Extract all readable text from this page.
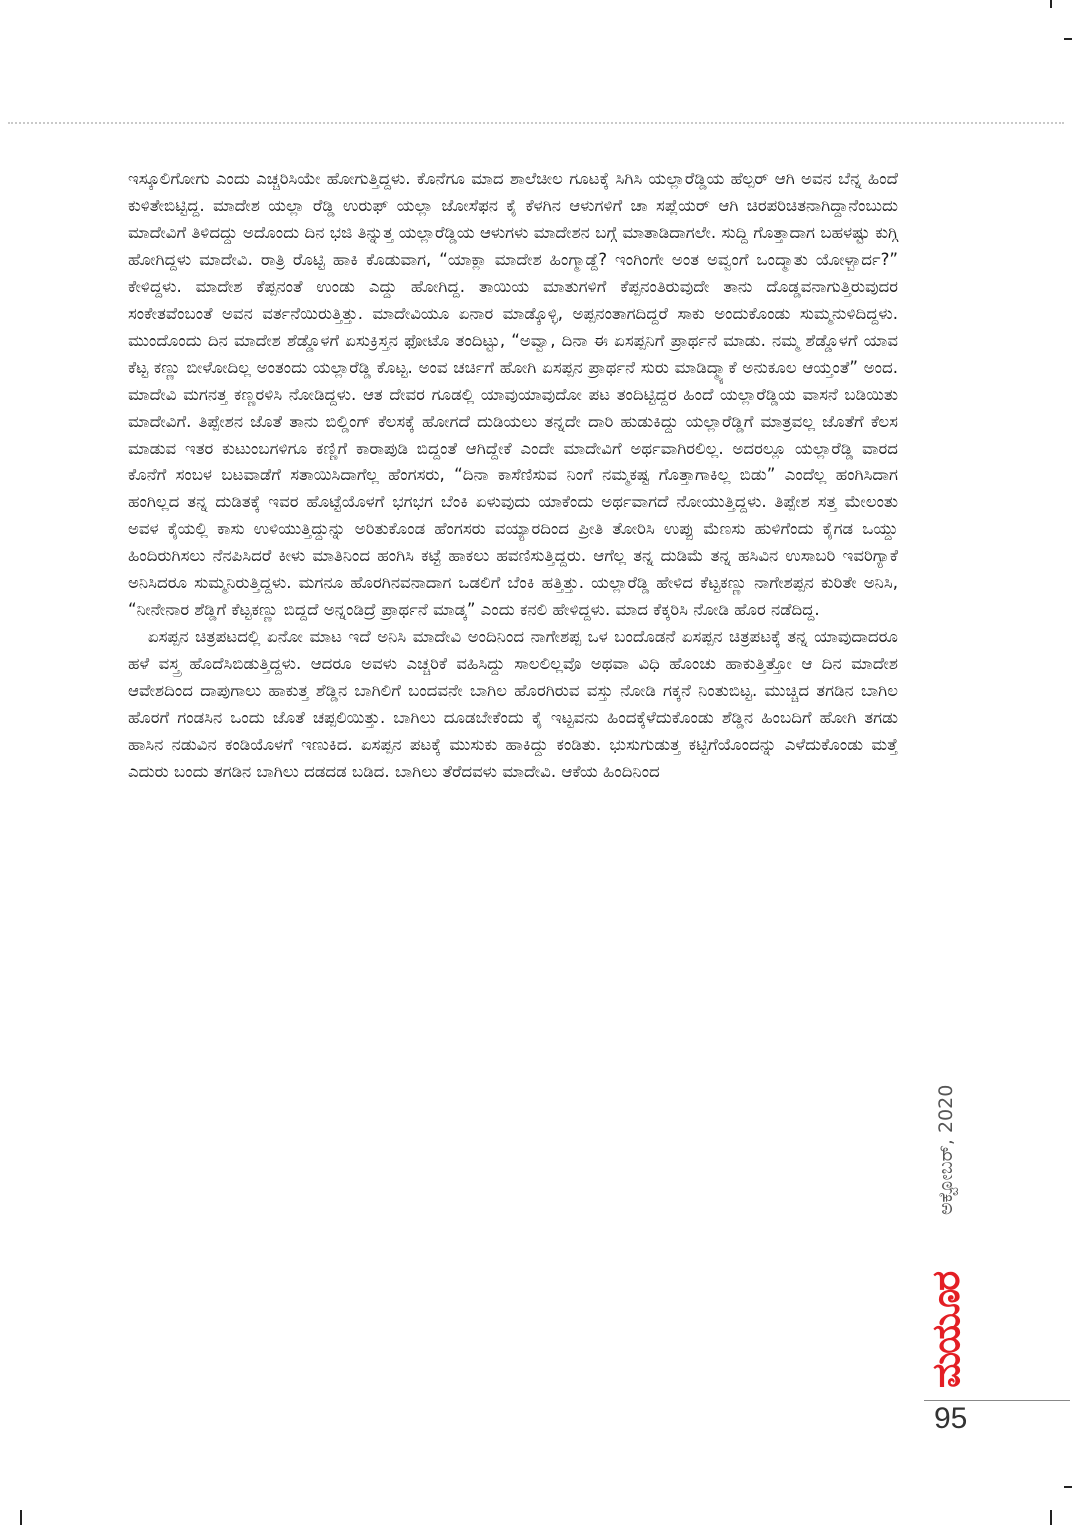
ಇಸ್ಕೂಲಿಗೋಗು ಎಂದು ಎಚ್ಚರಿಸಿಯೇ ಹೋಗುತ್ತಿದ್ದಳು. ಕೊನೆಗೂ ಮಾದ ಶಾಲೆಚೀಲ ಗೂಟಕ್ಕೆ ಸಿಗಿಸಿ ಯಲ್ಲಾರೆಡ್ಡಿಯ ಹೆಲ್ಪರ್ ಆಗಿ ಅವನ ಬೆನ್ನ ಹಿಂದೆ ಕುಳಿತೇಬಿಟ್ಟಿದ್ದ. ಮಾದೇಶ ಯಲ್ಲಾ ರೆಡ್ಡಿ ಉರುಫ್ ಯಲ್ಲಾ ಜೋಸೆಫನ ಕೈ ಕೆಳಗಿನ ಆಳುಗಳಿಗೆ ಚಾ ಸಪ್ಲೆಯರ್ ಆಗಿ ಚಿರಪರಿಚಿತನಾಗಿದ್ದಾನೆಂಬುದು ಮಾದೇವಿಗೆ ತಿಳಿದದ್ದು ಅದೊಂದು ದಿನ ಭಜಿ ತಿನ್ನುತ್ತ ಯಲ್ಲಾರೆಡ್ಡಿಯ ಆಳುಗಳು ಮಾದೇಶನ ಬಗ್ಗೆ ಮಾತಾಡಿದಾಗಲೇ. ಸುದ್ದಿ ಗೊತ್ತಾದಾಗ ಬಹಳಷ್ಟು ಕುಗ್ಗಿ ಹೋಗಿದ್ದಳು ಮಾದೇವಿ. ರಾತ್ರಿ ರೊಟ್ಟಿ ಹಾಕಿ ಕೊಡುವಾಗ, “ಯಾಕ್ಲಾ ಮಾದೇಶ ಹಿಂಗ್ಮಾಡ್ದೆ? ಇಂಗಿಂಗೇ ಅಂತ ಅವ್ವಂಗೆ ಒಂದ್ಮಾತು ಯೋಳ್ಬಾರ್ದ?” ಕೇಳಿದ್ದಳು. ಮಾದೇಶ ಕೆಪ್ಪನಂತೆ ಉಂಡು ಎದ್ದು ಹೋಗಿದ್ದ. ತಾಯಿಯ ಮಾತುಗಳಿಗೆ ಕೆಪ್ಪನಂತಿರುವುದೇ ತಾನು ದೊಡ್ಡವನಾಗುತ್ತಿರುವುದರ ಸಂಕೇತವೆಂಬಂತೆ ಅವನ ವರ್ತನೆಯಿರುತ್ತಿತ್ತು. ಮಾದೇವಿಯೂ ಏನಾರ ಮಾಡ್ಕೊಳ್ಳಿ, ಅಪ್ಪನಂತಾಗದಿದ್ದರೆ ಸಾಕು ಅಂದುಕೊಂಡು ಸುಮ್ಮನುಳಿದಿದ್ದಳು. ಮುಂದೊಂದು ದಿನ ಮಾದೇಶ ಶೆಡ್ಡೊಳಗೆ ಏಸುಕ್ರಿಸ್ತನ ಫೋಟೊ ತಂದಿಟ್ಟು, “ಅವ್ವಾ, ದಿನಾ ಈ ಏಸಪ್ಪನಿಗೆ ಪ್ರಾರ್ಥನೆ ಮಾಡು. ನಮ್ಮ ಶೆಡ್ಡೊಳಗೆ ಯಾವ ಕೆಟ್ಟ ಕಣ್ಣು ಬೀಳೋದಿಲ್ಲ ಅಂತಂದು ಯಲ್ಲಾರೆಡ್ಡಿ ಕೊಟ್ಟ. ಅಂವ ಚರ್ಚಿಗೆ ಹೋಗಿ ಏಸಪ್ಪನ ಪ್ರಾರ್ಥನೆ ಸುರು ಮಾಡಿದ್ಮ್ಯಾಕೆ ಅನುಕೂಲ ಆಯ್ತಂತೆ” ಅಂದ. ಮಾದೇವಿ ಮಗನತ್ತ ಕಣ್ಣರಳಿಸಿ ನೋಡಿದ್ದಳು. ಆತ ದೇವರ ಗೂಡಲ್ಲಿ ಯಾವುಯಾವುದೋ ಪಟ ತಂದಿಟ್ಟಿದ್ದರ ಹಿಂದೆ ಯಲ್ಲಾರೆಡ್ಡಿಯ ವಾಸನೆ ಬಡಿಯಿತು ಮಾದೇವಿಗೆ. ತಿಪ್ಪೇಶನ ಜೊತೆ ತಾನು ಬಿಲ್ಡಿಂಗ್ ಕೆಲಸಕ್ಕೆ ಹೋಗದೆ ದುಡಿಯಲು ತನ್ನದೇ ದಾರಿ ಹುಡುಕಿದ್ದು ಯಲ್ಲಾರೆಡ್ಡಿಗೆ ಮಾತ್ರವಲ್ಲ ಜೊತೆಗೆ ಕೆಲಸ ಮಾಡುವ ಇತರ ಕುಟುಂಬಗಳಿಗೂ ಕಣ್ಣಿಗೆ ಕಾರಾಪುಡಿ ಬಿದ್ದಂತೆ ಆಗಿದ್ದೇಕೆ ಎಂದೇ ಮಾದೇವಿಗೆ ಅರ್ಥವಾಗಿರಲಿಲ್ಲ. ಅದರಲ್ಲೂ ಯಲ್ಲಾರೆಡ್ಡಿ ವಾರದ ಕೊನೆಗೆ ಸಂಬಳ ಬಟವಾಡೆಗೆ ಸತಾಯಿಸಿದಾಗೆಲ್ಲ ಹೆಂಗಸರು, “ದಿನಾ ಕಾಸೆಣಿಸುವ ನಿಂಗೆ ನಮ್ಮಕಷ್ಟ ಗೊತ್ತಾಗಾಕಿಲ್ಲ ಬಿಡು” ಎಂದೆಲ್ಲ ಹಂಗಿಸಿದಾಗ ಹಂಗಿಲ್ಲದ ತನ್ನ ದುಡಿತಕ್ಕೆ ಇವರ ಹೊಟ್ಟೆಯೊಳಗೆ ಭಗಭಗ ಬೆಂಕಿ ಏಳುವುದು ಯಾಕೆಂದು ಅರ್ಥವಾಗದೆ ನೋಯುತ್ತಿದ್ದಳು. ತಿಪ್ಪೇಶ ಸತ್ತ ಮೇಲಂತು ಅವಳ ಕೈಯಲ್ಲಿ ಕಾಸು ಉಳಿಯುತ್ತಿದ್ದುನ್ನು ಅರಿತುಕೊಂಡ ಹೆಂಗಸರು ವಯ್ಯಾರದಿಂದ ಪ್ರೀತಿ ತೋರಿಸಿ ಉಪ್ಪು ಮೆಣಸು ಹುಳಿಗೆಂದು ಕೈಗಡ ಒಯ್ದು ಹಿಂದಿರುಗಿಸಲು ನೆನಪಿಸಿದರೆ ಕೀಳು ಮಾತಿನಿಂದ ಹಂಗಿಸಿ ಕಟ್ಟೆ ಹಾಕಲು ಹವಣಿಸುತ್ತಿದ್ದರು. ಆಗೆಲ್ಲ ತನ್ನ ದುಡಿಮೆ ತನ್ನ ಹಸಿವಿನ ಉಸಾಬರಿ ಇವರಿಗ್ಯಾಕೆ ಅನಿಸಿದರೂ ಸುಮ್ಮನಿರುತ್ತಿದ್ದಳು. ಮಗನೂ ಹೊರಗಿನವನಾದಾಗ ಒಡಲಿಗೆ ಬೆಂಕಿ ಹತ್ತಿತ್ತು. ಯಲ್ಲಾರೆಡ್ಡಿ ಹೇಳಿದ ಕೆಟ್ಟಕಣ್ಣು ನಾಗೇಶಪ್ಪನ ಕುರಿತೇ ಅನಿಸಿ, “ನೀನೇನಾರ ಶೆಡ್ಡಿಗೆ ಕೆಟ್ಟಕಣ್ಣು ಬಿದ್ದದೆ ಅನ್ನಂಡಿದ್ರೆ ಪ್ರಾರ್ಥನೆ ಮಾಡ್ಕ” ಎಂದು ಕನಲಿ ಹೇಳಿದ್ದಳು. ಮಾದ ಕೆಕ್ಕರಿಸಿ ನೋಡಿ ಹೊರ ನಡೆದಿದ್ದ.

ಏಸಪ್ಪನ ಚಿತ್ರಪಟದಲ್ಲಿ ಏನೋ ಮಾಟ ಇದೆ ಅನಿಸಿ ಮಾದೇವಿ ಅಂದಿನಿಂದ ನಾಗೇಶಪ್ಪ ಒಳ ಬಂದೊಡನೆ ಏಸಪ್ಪನ ಚಿತ್ರಪಟಕ್ಕೆ ತನ್ನ ಯಾವುದಾದರೂ ಹಳೆ ವಸ್ತ್ರ ಹೊದೆಸಿಬಿಡುತ್ತಿದ್ದಳು. ಆದರೂ ಅವಳು ಎಚ್ಚರಿಕೆ ವಹಿಸಿದ್ದು ಸಾಲಲಿಲ್ಲವೊ ಅಥವಾ ವಿಧಿ ಹೊಂಚು ಹಾಕುತ್ತಿತ್ತೋ ಆ ದಿನ ಮಾದೇಶ ಆವೇಶದಿಂದ ದಾಪುಗಾಲು ಹಾಕುತ್ತ ಶೆಡ್ಡಿನ ಬಾಗಿಲಿಗೆ ಬಂದವನೇ ಬಾಗಿಲ ಹೊರಗಿರುವ ವಸ್ತು ನೋಡಿ ಗಕ್ಕನೆ ನಿಂತುಬಿಟ್ಟ. ಮುಚ್ಚಿದ ತಗಡಿನ ಬಾಗಿಲ ಹೊರಗೆ ಗಂಡಸಿನ ಒಂದು ಜೊತೆ ಚಪ್ಪಲಿಯಿತ್ತು. ಬಾಗಿಲು ದೂಡಬೇಕೆಂದು ಕೈ ಇಟ್ಟವನು ಹಿಂದಕ್ಕೆಳೆದುಕೊಂಡು ಶೆಡ್ಡಿನ ಹಿಂಬದಿಗೆ ಹೋಗಿ ತಗಡು ಹಾಸಿನ ನಡುವಿನ ಕಂಡಿಯೊಳಗೆ ಇಣುಕಿದ. ಏಸಪ್ಪನ ಪಟಕ್ಕೆ ಮುಸುಕು ಹಾಕಿದ್ದು ಕಂಡಿತು. ಭುಸುಗುಡುತ್ತ ಕಟ್ಟಿಗೆಯೊಂದನ್ನು ಎಳೆದುಕೊಂಡು ಮತ್ತೆ ಎದುರು ಬಂದು ತಗಡಿನ ಬಾಗಿಲು ದಡದಡ ಬಡಿದ. ಬಾಗಿಲು ತೆರೆದವಳು ಮಾದೇವಿ. ಆಕೆಯ ಹಿಂದಿನಿಂದ

ಅಕ್ಟೋಬರ್, 2020
ಮಯೂರ
95
